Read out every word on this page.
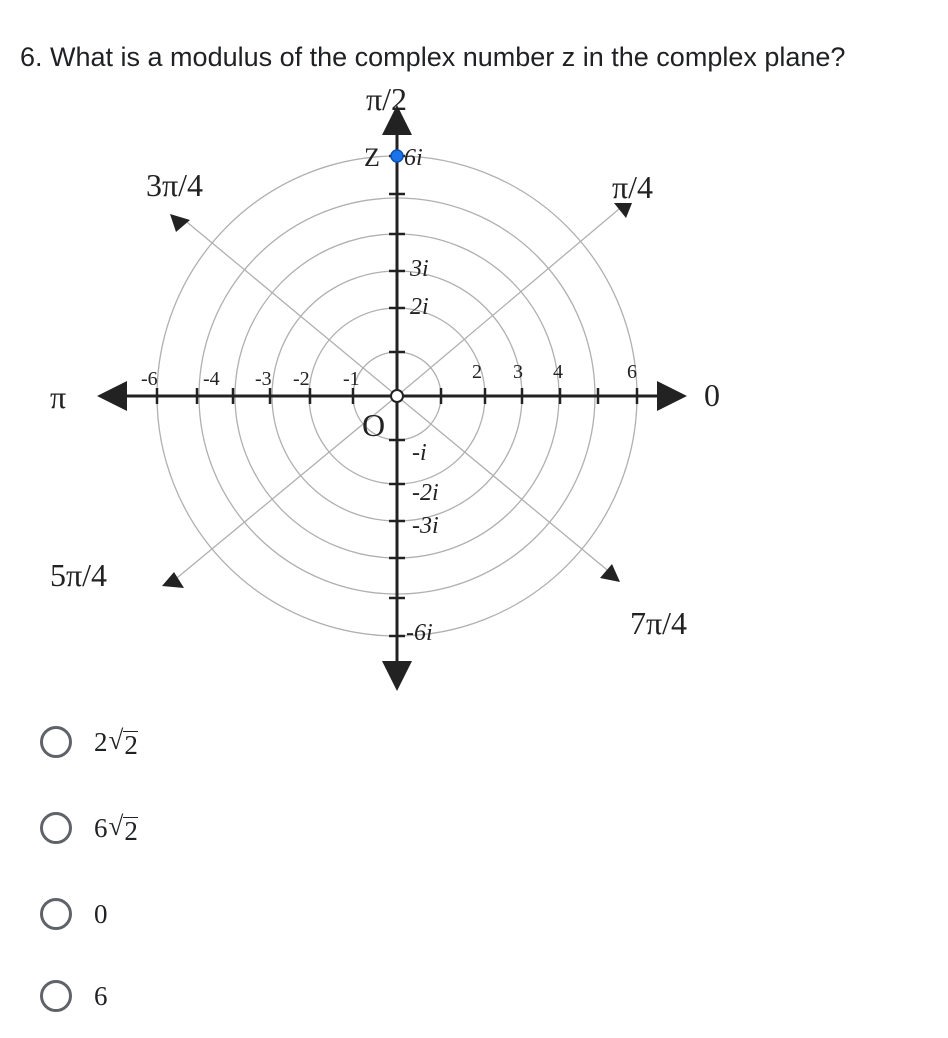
6. What is a modulus of the complex number z in the complex plane?
O
Z
π/2
0
π
π/4
3π/4
5π/4
7π/4
-6 -4 -3 -2 -1	2 3 4	6
6i
3i
2i
-i
-2i
-3i
-6i
2 √ 2
6 √ 2
0
6
